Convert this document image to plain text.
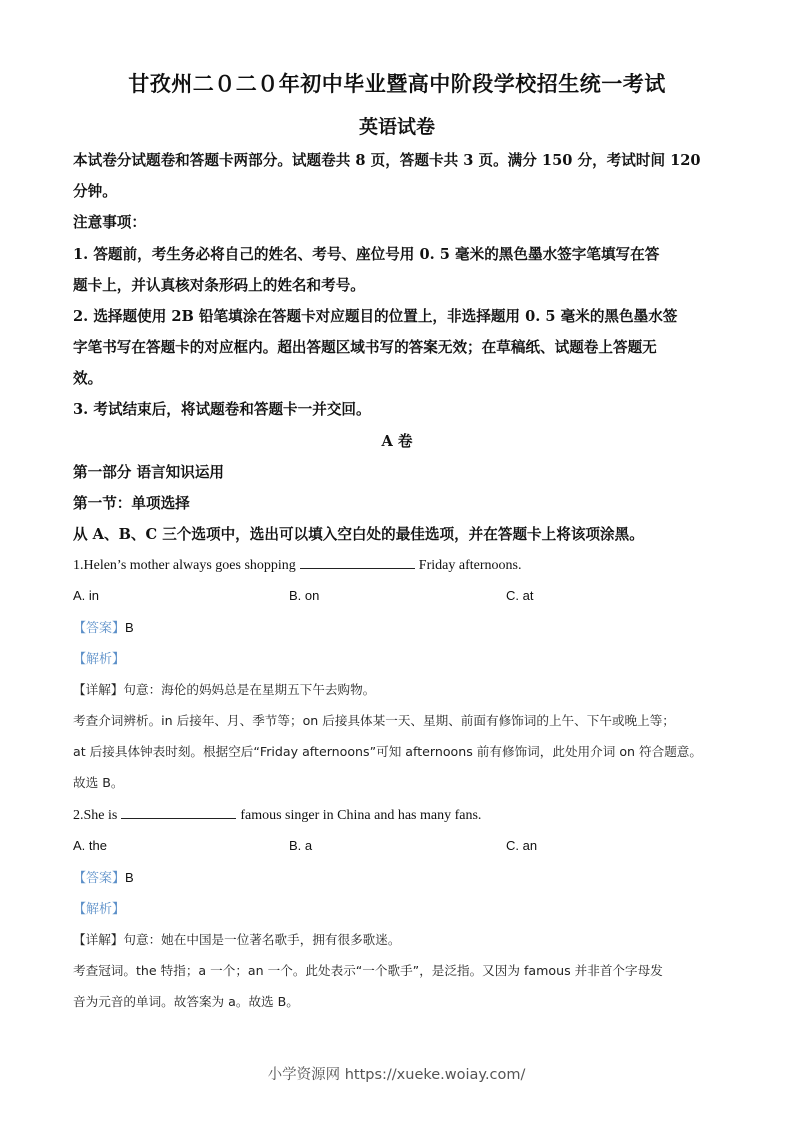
甘孜州二０二０年初中毕业暨高中阶段学校招生统一考试
英语试卷
本试卷分试题卷和答题卡两部分。试题卷共 8 页，答题卡共 3 页。满分 150 分，考试时间 120
分钟。
注意事项：
1. 答题前，考生务必将自己的姓名、考号、座位号用 0. 5 毫米的黑色墨水签字笔填写在答
题卡上，并认真核对条形码上的姓名和考号。
2. 选择题使用 2B 铅笔填涂在答题卡对应题目的位置上，非选择题用 0. 5 毫米的黑色墨水签
字笔书写在答题卡的对应框内。超出答题区域书写的答案无效；在草稿纸、试题卷上答题无
效。
3. 考试结束后，将试题卷和答题卡一并交回。
A 卷
第一部分 语言知识运用
第一节：单项选择
从 A、B、C 三个选项中，选出可以填入空白处的最佳选项，并在答题卡上将该项涂黑。
1.Helen’s mother always goes shopping	Friday afternoons.
A. in	B. on	C. at
【答案】B
【解析】
【详解】句意：海伦的妈妈总是在星期五下午去购物。
考查介词辨析。in 后接年、月、季节等；on 后接具体某一天、星期、前面有修饰词的上午、下午或晚上等；
at 后接具体钟表时刻。根据空后“Friday afternoons”可知 afternoons 前有修饰词，此处用介词 on 符合题意。
故选 B。
2.She is	famous singer in China and has many fans.
A. the	B. a	C. an
【答案】B
【解析】
【详解】句意：她在中国是一位著名歌手，拥有很多歌迷。
考查冠词。the 特指；a 一个；an 一个。此处表示“一个歌手”，是泛指。又因为 famous 并非首个字母发
音为元音的单词。故答案为 a。故选 B。
小学资源网 https://xueke.woiay.com/
